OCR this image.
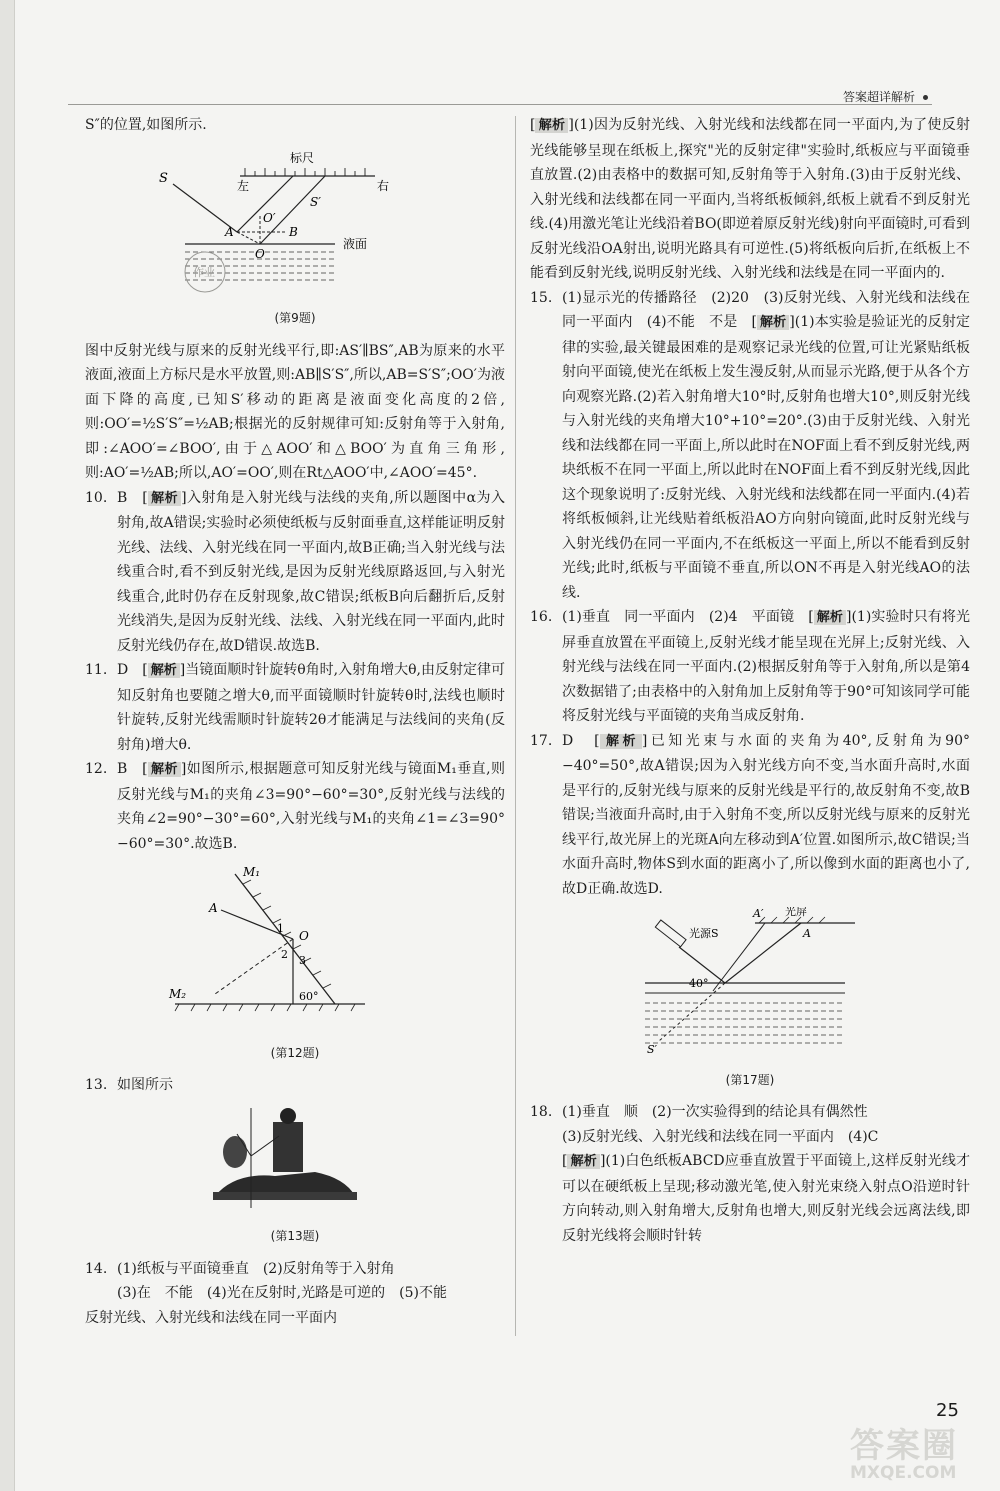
答案超详解析

S″的位置,如图所示.

标尺
左	右
S
O′
S′
A	B
O
液面
作业
(第9题)

图中反射光线与原来的反射光线平行,即:AS′∥BS″,AB为原来的水平液面,液面上方标尺是水平放置,则:AB∥S′S″,所以,AB=S′S″;OO′为液面下降的高度,已知S′移动的距离是液面变化高度的2倍,则:OO′=½S′S″=½AB;根据光的反射规律可知:反射角等于入射角,即:∠AOO′=∠BOO′,由于△AOO′和△BOO′为直角三角形,则:AO′=½AB;所以,AO′=OO′,则在Rt△AOO′中,∠AOO′=45°.

10. B　[ 解析 ]入射角是入射光线与法线的夹角,所以题图中α为入射角,故A错误;实验时必须使纸板与反射面垂直,这样能证明反射光线、法线、入射光线在同一平面内,故B正确;当入射光线与法线重合时,看不到反射光线,是因为反射光线原路返回,与入射光线重合,此时仍存在反射现象,故C错误;纸板B向后翻折后,反射光线消失,是因为反射光线、法线、入射光线在同一平面内,此时反射光线仍存在,故D错误.故选B.
11. D　[ 解析 ]当镜面顺时针旋转θ角时,入射角增大θ,由反射定律可知反射角也要随之增大θ,而平面镜顺时针旋转θ时,法线也顺时针旋转,反射光线需顺时针旋转2θ才能满足与法线间的夹角(反射角)增大θ.
12. B　[ 解析 ]如图所示,根据题意可知反射光线与镜面M₁垂直,则反射光线与M₁的夹角∠3=90°−60°=30°,反射光线与法线的夹角∠2=90°−30°=60°,入射光线与M₁的夹角∠1=∠3=90°−60°=30°.故选B.
M₁
M₂
A
O
1
2 3
60°
(第12题)
13. 如图所示
(第13题)
14. (1)纸板与平面镜垂直　(2)反射角等于入射角
(3)在　不能　(4)光在反射时,光路是可逆的　(5)不能

反射光线、入射光线和法线在同一平面内

[ 解析 ](1)因为反射光线、入射光线和法线都在同一平面内,为了使反射光线能够呈现在纸板上,探究"光的反射定律"实验时,纸板应与平面镜垂直放置.(2)由表格中的数据可知,反射角等于入射角.(3)由于反射光线、入射光线和法线都在同一平面内,当将纸板倾斜,纸板上就看不到反射光线.(4)用激光笔让光线沿着BO(即逆着原反射光线)射向平面镜时,可看到反射光线沿OA射出,说明光路具有可逆性.(5)将纸板向后折,在纸板上不能看到反射光线,说明反射光线、入射光线和法线是在同一平面内的.

15. (1)显示光的传播路径　(2)20　(3)反射光线、入射光线和法线在同一平面内　(4)不能　不是　[ 解析 ](1)本实验是验证光的反射定律的实验,最关键最困难的是观察记录光线的位置,可让光紧贴纸板射向平面镜,使光在纸板上发生漫反射,从而显示光路,便于从各个方向观察光路.(2)若入射角增大10°时,反射角也增大10°,则反射光线与入射光线的夹角增大10°+10°=20°.(3)由于反射光线、入射光线和法线都在同一平面上,所以此时在NOF面上看不到反射光线,两块纸板不在同一平面上,所以此时在NOF面上看不到反射光线,因此这个现象说明了:反射光线、入射光线和法线都在同一平面内.(4)若将纸板倾斜,让光线贴着纸板沿AO方向射向镜面,此时反射光线与入射光线仍在同一平面内,不在纸板这一平面上,所以不能看到反射光线;此时,纸板与平面镜不垂直,所以ON不再是入射光线AO的法线.
16. (1)垂直　同一平面内　(2)4　平面镜　[ 解析 ](1)实验时只有将光屏垂直放置在平面镜上,反射光线才能呈现在光屏上;反射光线、入射光线与法线在同一平面内.(2)根据反射角等于入射角,所以是第4次数据错了;由表格中的入射角加上反射角等于90°可知该同学可能将反射光线与平面镜的夹角当成反射角.
17. D　[ 解析 ]已知光束与水面的夹角为40°,反射角为90°−40°=50°,故A错误;因为入射光线方向不变,当水面升高时,水面是平行的,反射光线与原来的反射光线是平行的,故反射角不变,故B错误;当液面升高时,由于入射角不变,所以反射光线与原来的反射光线平行,故光屏上的光斑A向左移动到A′位置.如图所示,故C错误;当水面升高时,物体S到水面的距离小了,所以像到水面的距离也小了,故D正确.故选D.
光屏
A′
A
光源S
40°
S′
(第17题)
18. (1)垂直　顺　(2)一次实验得到的结论具有偶然性
(3)反射光线、入射光线和法线在同一平面内　(4)C
[ 解析 ](1)白色纸板ABCD应垂直放置于平面镜上,这样反射光线才可以在硬纸板上呈现;移动激光笔,使入射光束绕入射点O沿逆时针方向转动,则入射角增大,反射角也增大,则反射光线会远离法线,即反射光线将会顺时针转
25
答案圈
MXQE.COM
